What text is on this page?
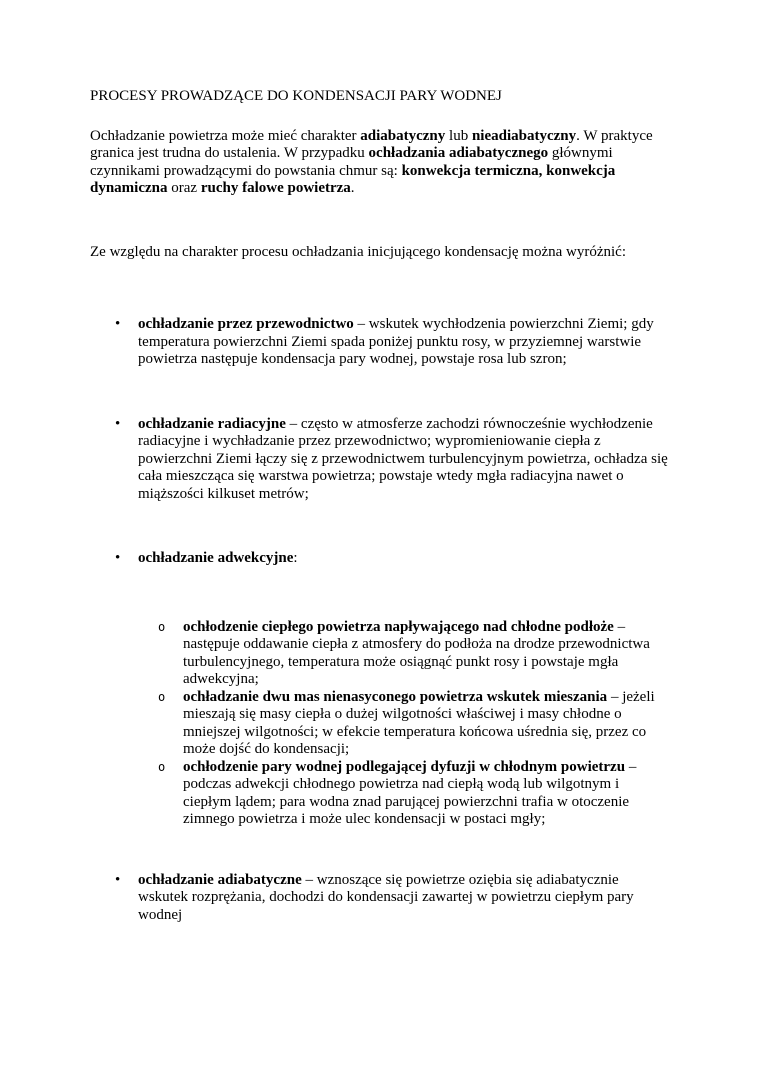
PROCESY PROWADZĄCE DO KONDENSACJI PARY WODNEJ

Ochładzanie powietrza może mieć charakter adiabatyczny lub nieadiabatyczny. W praktyce granica jest trudna do ustalenia. W przypadku ochładzania adiabatycznego głównymi czynnikami prowadzącymi do powstania chmur są: konwekcja termiczna, konwekcja dynamiczna oraz ruchy falowe powietrza.

Ze względu na charakter procesu ochładzania inicjującego kondensację można wyróżnić:

•	ochładzanie przez przewodnictwo – wskutek wychłodzenia powierzchni Ziemi; gdy temperatura powierzchni Ziemi spada poniżej punktu rosy, w przyziemnej warstwie powietrza następuje kondensacja pary wodnej, powstaje rosa lub szron;
•	ochładzanie radiacyjne – często w atmosferze zachodzi równocześnie wychłodzenie radiacyjne i wychładzanie przez przewodnictwo; wypromieniowanie ciepła z powierzchni Ziemi łączy się z przewodnictwem turbulencyjnym powietrza, ochładza się cała mieszcząca się warstwa powietrza; powstaje wtedy mgła radiacyjna nawet o miąższości kilkuset metrów;
•	ochładzanie adwekcyjne:
o	ochłodzenie ciepłego powietrza napływającego nad chłodne podłoże – następuje oddawanie ciepła z atmosfery do podłoża na drodze przewodnictwa turbulencyjnego, temperatura może osiągnąć punkt rosy i powstaje mgła adwekcyjna;
o	ochładzanie dwu mas nienasyconego powietrza wskutek mieszania – jeżeli mieszają się masy ciepła o dużej wilgotności właściwej i masy chłodne o mniejszej wilgotności; w efekcie temperatura końcowa uśrednia się, przez co może dojść do kondensacji;
o	ochłodzenie pary wodnej podlegającej dyfuzji w chłodnym powietrzu – podczas adwekcji chłodnego powietrza nad ciepłą wodą lub wilgotnym i ciepłym lądem; para wodna znad parującej powierzchni trafia w otoczenie zimnego powietrza i może ulec kondensacji w postaci mgły;
•	ochładzanie adiabatyczne – wznoszące się powietrze oziębia się adiabatycznie wskutek rozprężania, dochodzi do kondensacji zawartej w powietrzu ciepłym pary wodnej
